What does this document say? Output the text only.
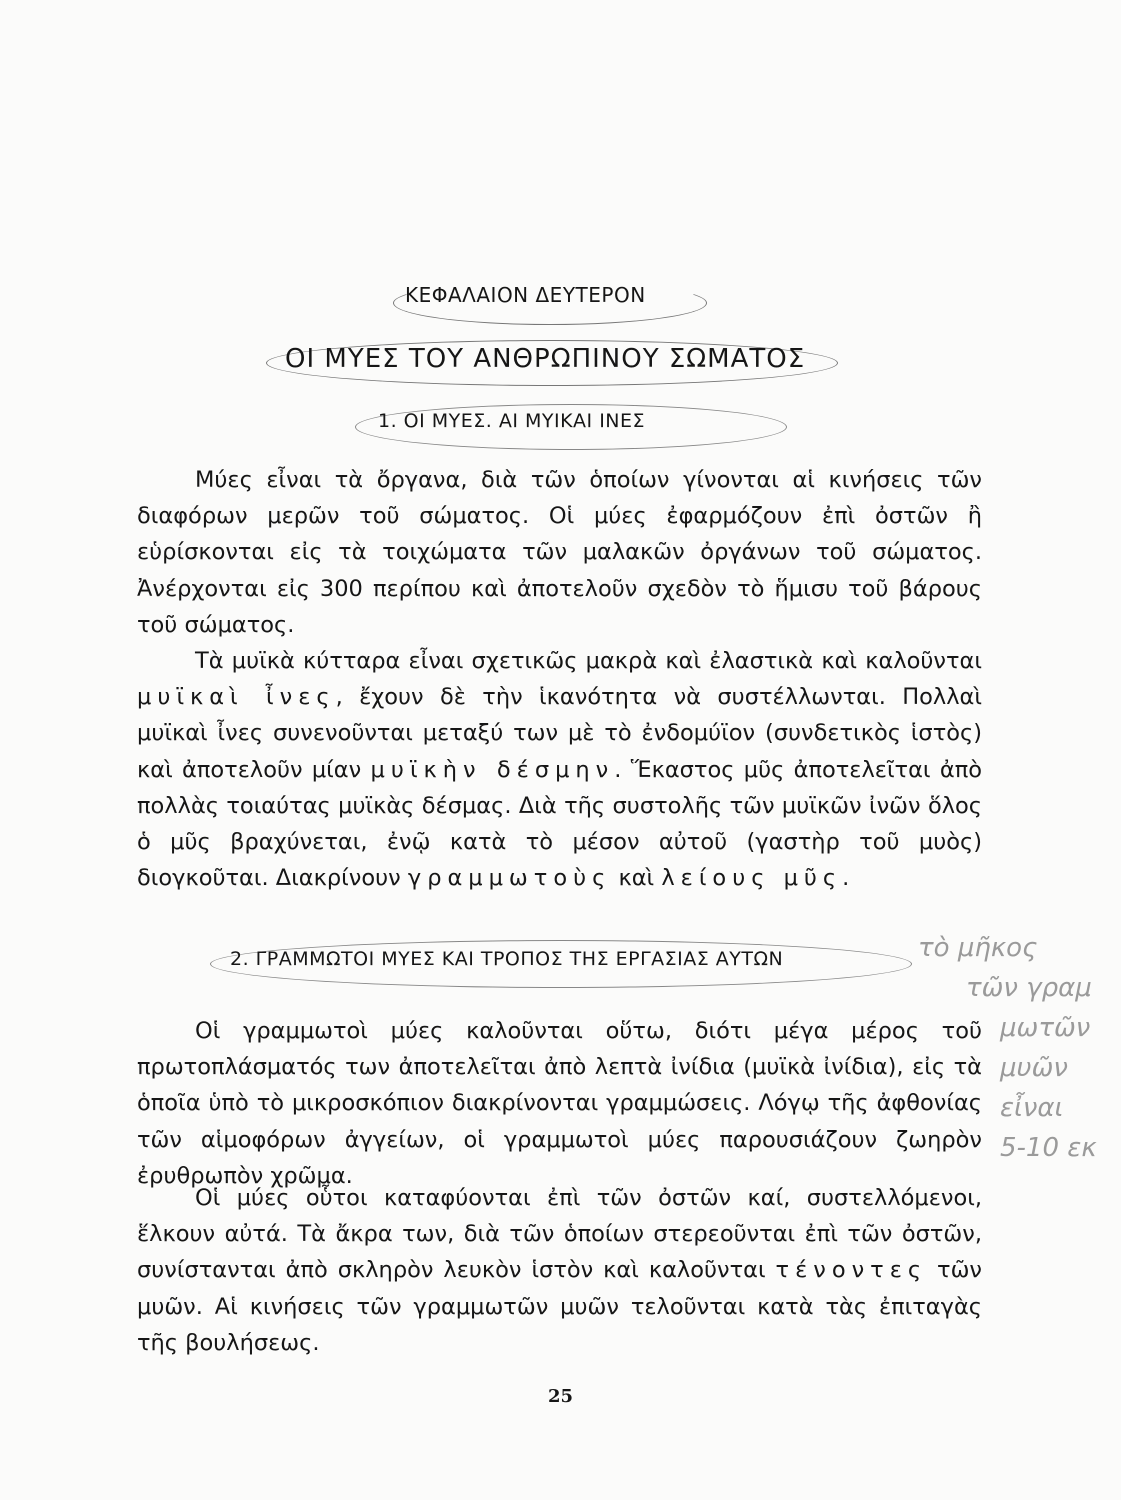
ΚΕΦΑΛΑΙΟΝ ΔΕΥΤΕΡΟΝ
ΟΙ ΜΥΕΣ ΤΟΥ ΑΝΘΡΩΠΙΝΟΥ ΣΩΜΑΤΟΣ
1. ΟΙ ΜΥΕΣ. ΑΙ ΜΥΙΚΑΙ ΙΝΕΣ

Μύες εἶναι τὰ ὄργανα, διὰ τῶν ὁποίων γίνονται αἱ κινήσεις τῶν διαφόρων μερῶν τοῦ σώματος. Οἱ μύες ἐφαρμόζουν ἐπὶ ὀστῶν ἢ εὑρίσκονται εἰς τὰ τοιχώματα τῶν μαλακῶν ὀργάνων τοῦ σώματος. Ἀνέρχονται εἰς 300 περίπου καὶ ἀποτελοῦν σχεδὸν τὸ ἥμισυ τοῦ βάρους τοῦ σώματος.

Τὰ μυϊκὰ κύτταρα εἶναι σχετικῶς μακρὰ καὶ ἐλαστικὰ καὶ καλοῦνται μυϊκαὶ ἶνες, ἔχουν δὲ τὴν ἱκανότητα νὰ συστέλλωνται. Πολλαὶ μυϊκαὶ ἶνες συνενοῦνται μεταξύ των μὲ τὸ ἐνδομύϊον (συνδετικὸς ἱστὸς) καὶ ἀποτελοῦν μίαν μυϊκὴν δέσμην. Ἕκαστος μῦς ἀποτελεῖται ἀπὸ πολλὰς τοιαύτας μυϊκὰς δέσμας. Διὰ τῆς συστολῆς τῶν μυϊκῶν ἰνῶν ὅλος ὁ μῦς βραχύνεται, ἐνῷ κατὰ τὸ μέσον αὐτοῦ (γαστὴρ τοῦ μυὸς) διογκοῦται. Διακρίνουν γραμμωτοὺς καὶ λείους μῦς.

2. ΓΡΑΜΜΩΤΟΙ ΜΥΕΣ ΚΑΙ ΤΡΟΠΟΣ ΤΗΣ ΕΡΓΑΣΙΑΣ ΑΥΤΩΝ

Οἱ γραμμωτοὶ μύες καλοῦνται οὕτω, διότι μέγα μέρος τοῦ πρωτοπλάσματός των ἀποτελεῖται ἀπὸ λεπτὰ ἰνίδια (μυϊκὰ ἰνίδια), εἰς τὰ ὁποῖα ὑπὸ τὸ μικροσκόπιον διακρίνονται γραμμώσεις. Λόγῳ τῆς ἀφθονίας τῶν αἱμοφόρων ἀγγείων, οἱ γραμμωτοὶ μύες παρουσιάζουν ζωηρὸν ἐρυθρωπὸν χρῶμα.

Οἱ μύες οὗτοι καταφύονται ἐπὶ τῶν ὀστῶν καί, συστελλόμενοι, ἕλκουν αὐτά. Τὰ ἄκρα των, διὰ τῶν ὁποίων στερεοῦνται ἐπὶ τῶν ὀστῶν, συνίστανται ἀπὸ σκληρὸν λευκὸν ἱστὸν καὶ καλοῦνται τένοντες τῶν μυῶν. Αἱ κινήσεις τῶν γραμμωτῶν μυῶν τελοῦνται κατὰ τὰς ἐπιταγὰς τῆς βουλήσεως.

τὸ μῆκος
τῶν γραμ
μωτῶν
μυῶν
εἶναι
5-10 εκ
25
